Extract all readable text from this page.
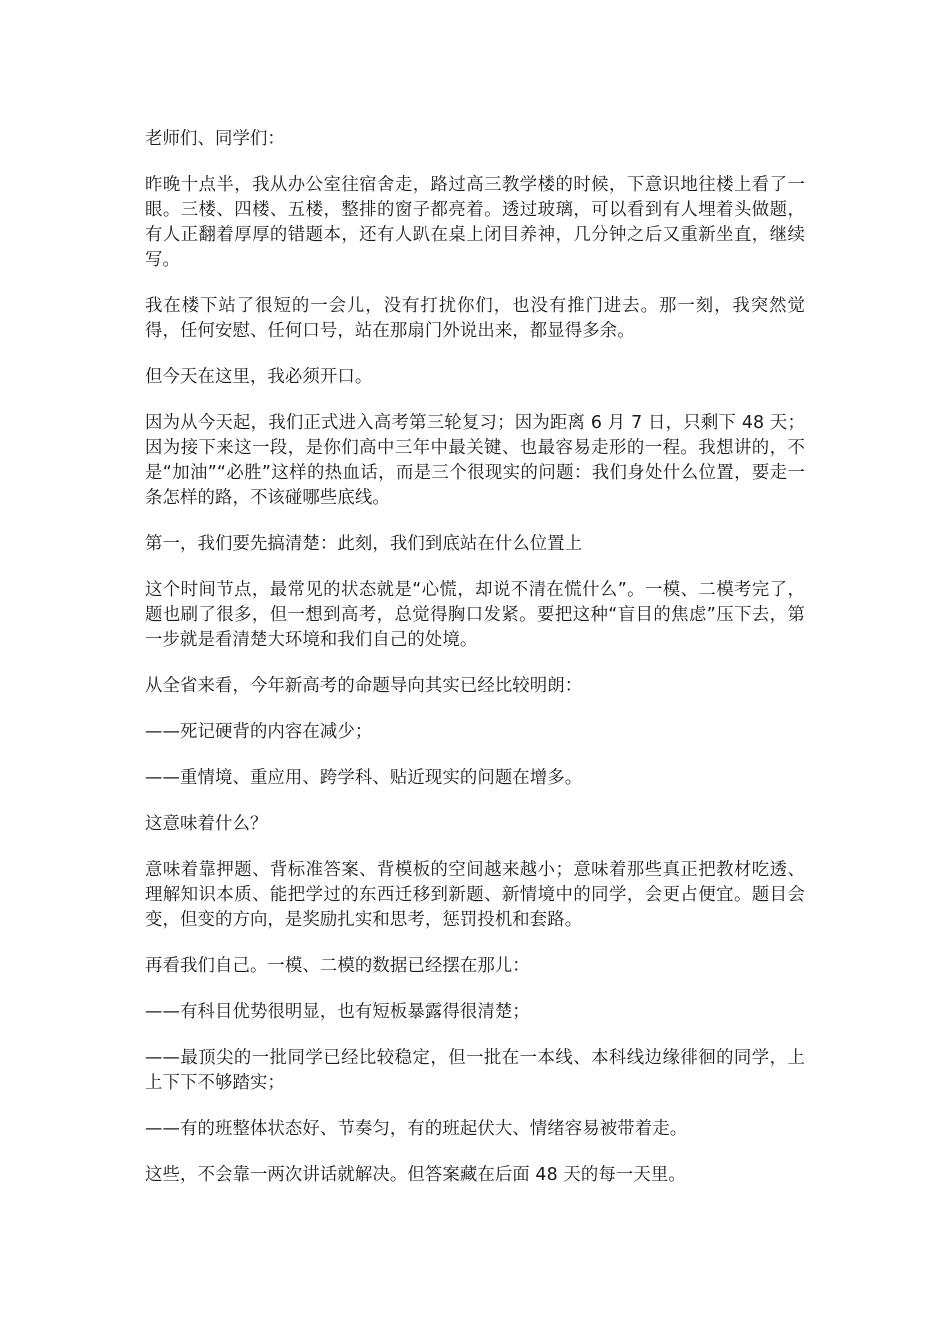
老师们、同学们：

昨晚十点半，我从办公室往宿舍走，路过高三教学楼的时候，下意识地往楼上看了一眼。三楼、四楼、五楼，整排的窗子都亮着。透过玻璃，可以看到有人埋着头做题，有人正翻着厚厚的错题本，还有人趴在桌上闭目养神，几分钟之后又重新坐直，继续写。

我在楼下站了很短的一会儿，没有打扰你们，也没有推门进去。那一刻，我突然觉得，任何安慰、任何口号，站在那扇门外说出来，都显得多余。

但今天在这里，我必须开口。

因为从今天起，我们正式进入高考第三轮复习；因为距离 6 月 7 日，只剩下 48 天；因为接下来这一段，是你们高中三年中最关键、也最容易走形的一程。我想讲的，不是“加油”“必胜”这样的热血话，而是三个很现实的问题：我们身处什么位置，要走一条怎样的路，不该碰哪些底线。

第一，我们要先搞清楚：此刻，我们到底站在什么位置上

这个时间节点，最常见的状态就是“心慌，却说不清在慌什么”。一模、二模考完了，题也刷了很多，但一想到高考，总觉得胸口发紧。要把这种“盲目的焦虑”压下去，第一步就是看清楚大环境和我们自己的处境。

从全省来看，今年新高考的命题导向其实已经比较明朗：

——死记硬背的内容在减少；

——重情境、重应用、跨学科、贴近现实的问题在增多。

这意味着什么？

意味着靠押题、背标准答案、背模板的空间越来越小；意味着那些真正把教材吃透、理解知识本质、能把学过的东西迁移到新题、新情境中的同学，会更占便宜。题目会变，但变的方向，是奖励扎实和思考，惩罚投机和套路。

再看我们自己。一模、二模的数据已经摆在那儿：

——有科目优势很明显，也有短板暴露得很清楚；

——最顶尖的一批同学已经比较稳定，但一批在一本线、本科线边缘徘徊的同学，上上下下不够踏实；

——有的班整体状态好、节奏匀，有的班起伏大、情绪容易被带着走。

这些，不会靠一两次讲话就解决。但答案藏在后面 48 天的每一天里。
